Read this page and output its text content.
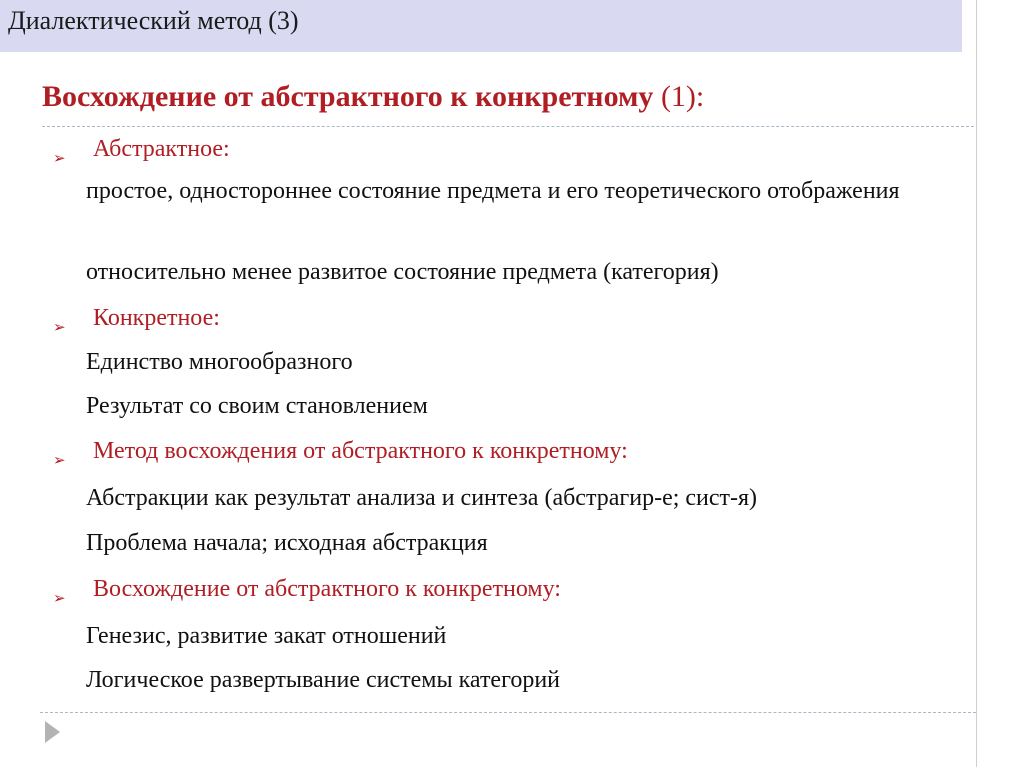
Диалектический метод (3)
Восхождение от абстрактного к конкретному (1):
➢ Абстрактное:
простое, одностороннее состояние предмета и его теоретического отображения
относительно менее развитое состояние предмета (категория)
➢ Конкретное:
Единство многообразного
Результат со своим становлением
➢ Метод восхождения от абстрактного к конкретному:
Абстракции как результат анализа и синтеза (абстрагир-е; сист-я)
Проблема начала; исходная абстракция
➢ Восхождение от абстрактного к конкретному:
Генезис, развитие закат отношений
Логическое развертывание системы категорий
